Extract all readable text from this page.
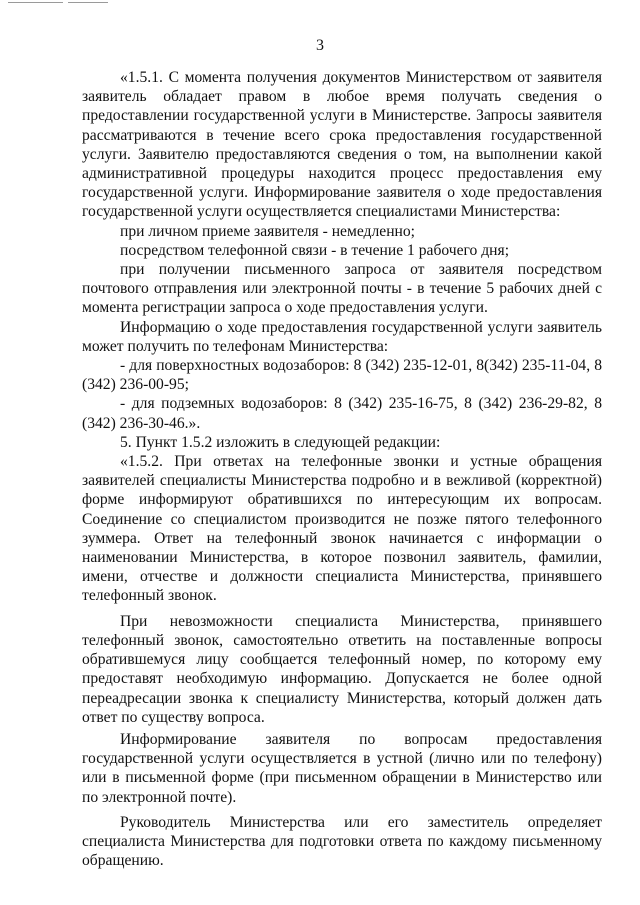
3

«1.5.1. С момента получения документов Министерством от заявителя заявитель обладает правом в любое время получать сведения о предоставлении государственной услуги в Министерстве. Запросы заявителя рассматриваются в течение всего срока предоставления государственной услуги. Заявителю предоставляются сведения о том, на выполнении какой административной процедуры находится процесс предоставления ему государственной услуги. Информирование заявителя о ходе предоставления государственной услуги осуществляется специалистами Министерства:

при личном приеме заявителя - немедленно;

посредством телефонной связи - в течение 1 рабочего дня;

при получении письменного запроса от заявителя посредством почтового отправления или электронной почты - в течение 5 рабочих дней с момента регистрации запроса о ходе предоставления услуги.

Информацию о ходе предоставления государственной услуги заявитель может получить по телефонам Министерства:

- для поверхностных водозаборов: 8 (342) 235-12-01, 8(342) 235-11-04, 8 (342) 236-00-95;

- для подземных водозаборов: 8 (342) 235-16-75, 8 (342) 236-29-82, 8 (342) 236-30-46.».

5. Пункт 1.5.2 изложить в следующей редакции:

«1.5.2. При ответах на телефонные звонки и устные обращения заявителей специалисты Министерства подробно и в вежливой (корректной) форме информируют обратившихся по интересующим их вопросам. Соединение со специалистом производится не позже пятого телефонного зуммера. Ответ на телефонный звонок начинается с информации о наименовании Министерства, в которое позвонил заявитель, фамилии, имени, отчестве и должности специалиста Министерства, принявшего телефонный звонок.

При невозможности специалиста Министерства, принявшего телефонный звонок, самостоятельно ответить на поставленные вопросы обратившемуся лицу сообщается телефонный номер, по которому ему предоставят необходимую информацию. Допускается не более одной переадресации звонка к специалисту Министерства, который должен дать ответ по существу вопроса.

Информирование заявителя по вопросам предоставления государственной услуги осуществляется в устной (лично или по телефону) или в письменной форме (при письменном обращении в Министерство или по электронной почте).

Руководитель Министерства или его заместитель определяет специалиста Министерства для подготовки ответа по каждому письменному обращению.
